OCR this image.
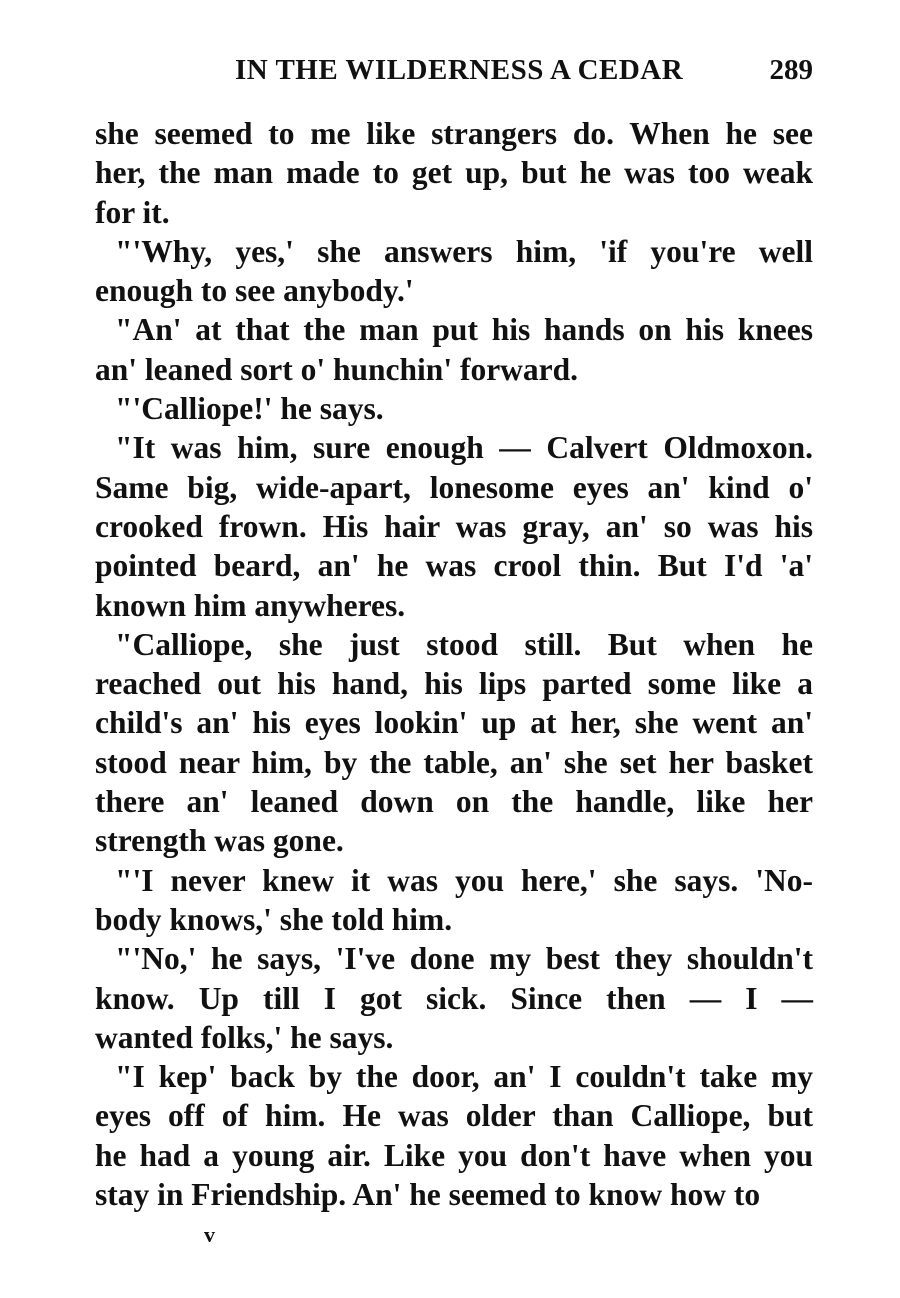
IN THE WILDERNESS A CEDAR	289

she seemed to me like strangers do. When he see
her, the man made to get up, but he was too weak
for it.

"'Why, yes,' she answers him, 'if you're well
enough to see anybody.'

"An' at that the man put his hands on his knees
an' leaned sort o' hunchin' forward.

"'Calliope!' he says.

"It was him, sure enough — Calvert Oldmoxon.
Same big, wide-apart, lonesome eyes an' kind o'
crooked frown. His hair was gray, an' so was his
pointed beard, an' he was crool thin. But I'd 'a'
known him anywheres.

"Calliope, she just stood still. But when he
reached out his hand, his lips parted some like a
child's an' his eyes lookin' up at her, she went an'
stood near him, by the table, an' she set her basket
there an' leaned down on the handle, like her
strength was gone.

"'I never knew it was you here,' she says. 'No-
body knows,' she told him.

"'No,' he says, 'I've done my best they shouldn't
know. Up till I got sick. Since then — I —
wanted folks,' he says.

"I kep' back by the door, an' I couldn't take my
eyes off of him. He was older than Calliope, but
he had a young air. Like you don't have when you
stay in Friendship. An' he seemed to know how to

v
